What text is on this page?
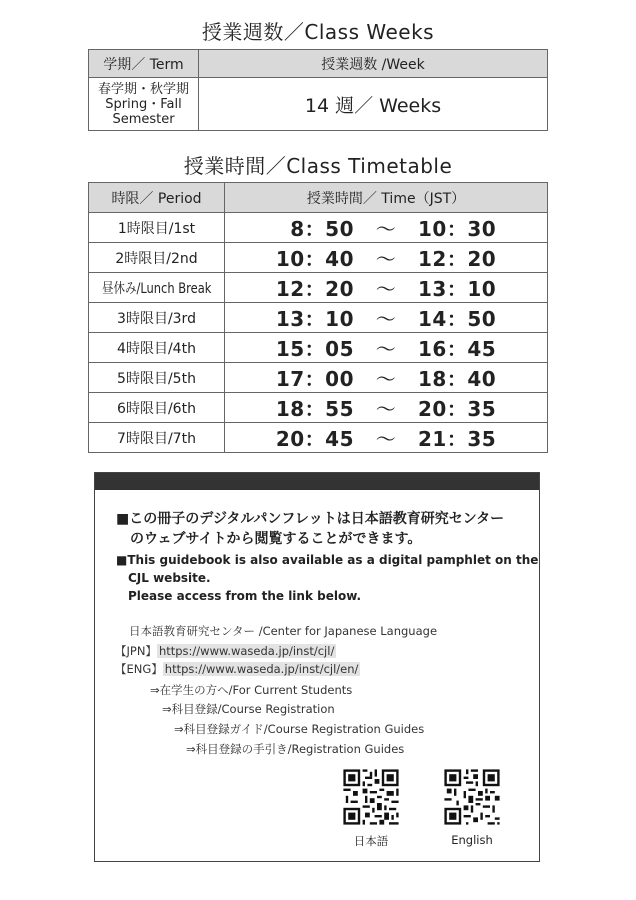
授業週数／Class Weeks
学期／ Term	授業週数 /Week

春学期・秋学期
Spring・Fall
Semester	14 週／ Weeks
授業時間／Class Timetable
時限／ Period	授業時間／ Time（JST）
1時限目/1st	8：50 〜 10：30
2時限目/2nd	10：40 〜 12：20
昼休み/Lunch Break	12：20 〜 13：10
3時限目/3rd	13：10 〜 14：50
4時限目/4th	15：05 〜 16：45
5時限目/5th	17：00 〜 18：40
6時限目/6th	18：55 〜 20：35
7時限目/7th	20：45 〜 21：35
■この冊子のデジタルパンフレットは日本語教育研究センター
　のウェブサイトから閲覧することができます。
■This guidebook is also available as a digital pamphlet on the
　CJL website.
　Please access from the link below.
日本語教育研究センター /Center for Japanese Language
【JPN】 https://www.waseda.jp/inst/cjl/
【ENG】 https://www.waseda.jp/inst/cjl/en/
⇒在学生の方へ/For Current Students
⇒科目登録/Course Registration
⇒科目登録ガイド/Course Registration Guides
⇒科目登録の手引き/Registration Guides
日本語	English
